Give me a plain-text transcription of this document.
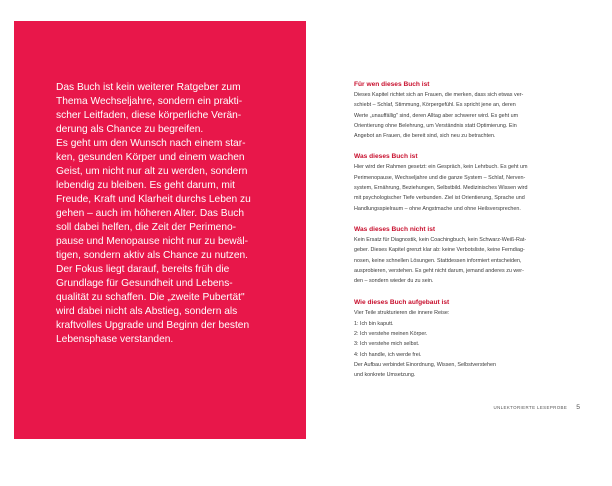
Das Buch ist kein weiterer Ratgeber zum
Thema Wechseljahre, sondern ein prakti-
scher Leitfaden, diese körperliche Verän-
derung als Chance zu begreifen.
Es geht um den Wunsch nach einem star-
ken, gesunden Körper und einem wachen
Geist, um nicht nur alt zu werden, sondern
lebendig zu bleiben. Es geht darum, mit
Freude, Kraft und Klarheit durchs Leben zu
gehen – auch im höheren Alter. Das Buch
soll dabei helfen, die Zeit der Perimeno-
pause und Menopause nicht nur zu bewäl-
tigen, sondern aktiv als Chance zu nutzen.
Der Fokus liegt darauf, bereits früh die
Grundlage für Gesundheit und Lebens-
qualität zu schaffen. Die „zweite Pubertät"
wird dabei nicht als Abstieg, sondern als
kraftvolles Upgrade und Beginn der besten
Lebensphase verstanden.
Für wen dieses Buch ist
Dieses Kapitel richtet sich an Frauen, die merken, dass sich etwas ver-
schiebt – Schlaf, Stimmung, Körpergefühl. Es spricht jene an, deren
Werte „unauffällig" sind, deren Alltag aber schwerer wird. Es geht um
Orientierung ohne Belehrung, um Verständnis statt Optimierung. Ein
Angebot an Frauen, die bereit sind, sich neu zu betrachten.
Was dieses Buch ist
Hier wird der Rahmen gesetzt: ein Gespräch, kein Lehrbuch. Es geht um
Perimenopause, Wechseljahre und die ganze System – Schlaf, Nerven-
system, Ernährung, Beziehungen, Selbstbild. Medizinisches Wissen wird
mit psychologischer Tiefe verbunden. Ziel ist Orientierung, Sprache und
Handlungsspielraum – ohne Angstmache und ohne Heilsversprechen.
Was dieses Buch nicht ist
Kein Ersatz für Diagnostik, kein Coachingbuch, kein Schwarz-Weiß-Rat-
geber. Dieses Kapitel grenzt klar ab: keine Verbotsliste, keine Ferndiag-
nosen, keine schnellen Lösungen. Stattdessen informiert entscheiden,
ausprobieren, verstehen. Es geht nicht darum, jemand anderes zu wer-
den – sondern wieder du zu sein.
Wie dieses Buch aufgebaut ist
Vier Teile strukturieren die innere Reise:
1: Ich bin kaputt.
2: Ich verstehe meinen Körper.
3: Ich verstehe mich selbst.
4: Ich handle, ich werde frei.
Der Aufbau verbindet Einordnung, Wissen, Selbstverstehen
und konkrete Umsetzung.
UNLEKTORIERTE LESEPROBE 5
